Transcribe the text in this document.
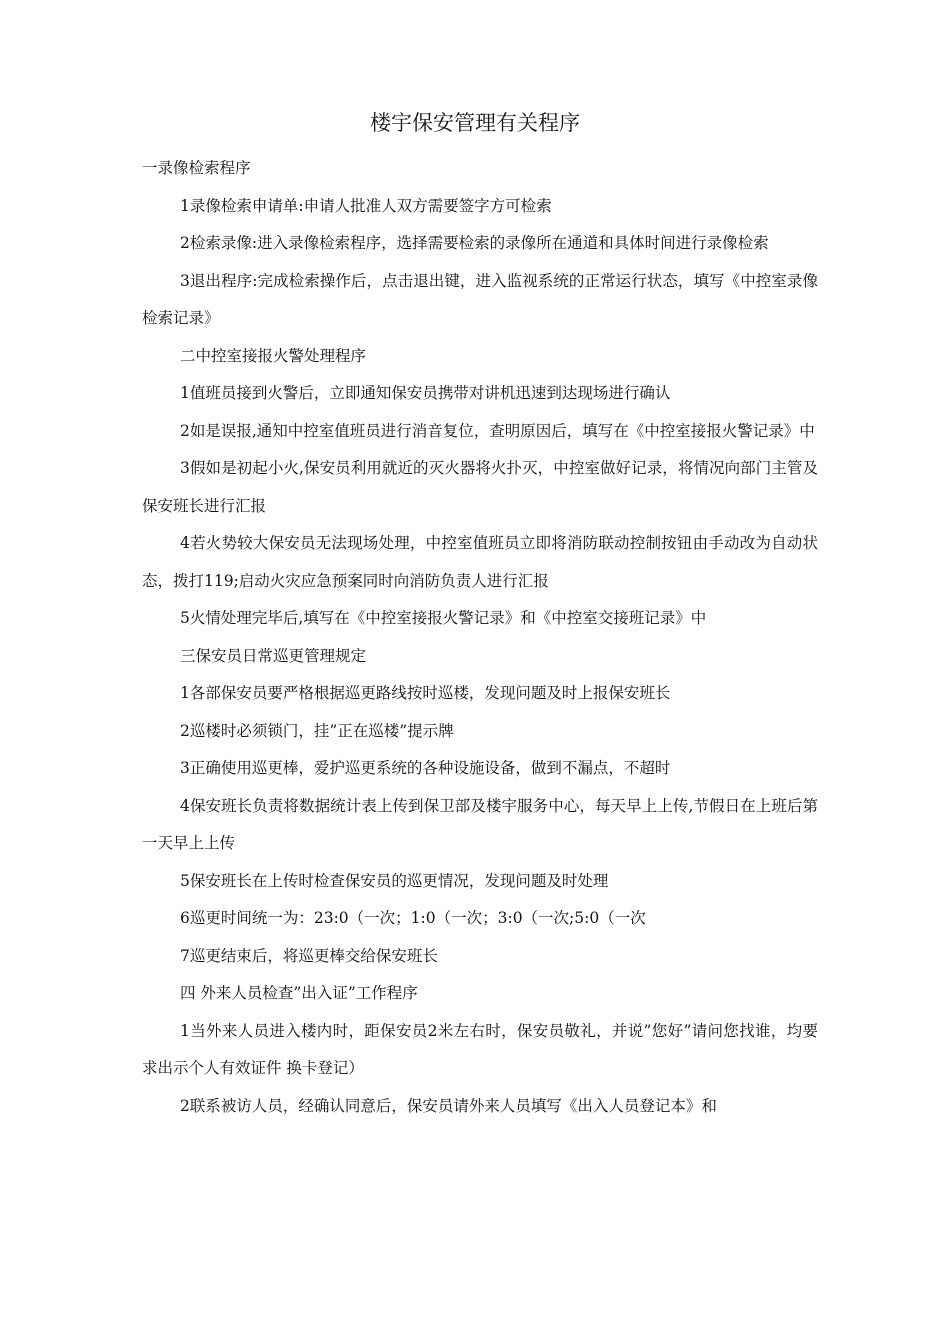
楼宇保安管理有关程序

一录像检索程序

1录像检索申请单:申请人批准人双方需要签字方可检索

2检索录像:进入录像检索程序，选择需要检索的录像所在通道和具体时间进行录像检索

3退出程序:完成检索操作后，点击退出键，进入监视系统的正常运行状态，填写《中控室录像检索记录》

二中控室接报火警处理程序

1值班员接到火警后，立即通知保安员携带对讲机迅速到达现场进行确认

2如是误报,通知中控室值班员进行消音复位，查明原因后，填写在《中控室接报火警记录》中

3假如是初起小火,保安员利用就近的灭火器将火扑灭，中控室做好记录，将情况向部门主管及保安班长进行汇报

4若火势较大保安员无法现场处理，中控室值班员立即将消防联动控制按钮由手动改为自动状态，拨打119;启动火灾应急预案同时向消防负责人进行汇报

5火情处理完毕后,填写在《中控室接报火警记录》和《中控室交接班记录》中

三保安员日常巡更管理规定

1各部保安员要严格根据巡更路线按时巡楼，发现问题及时上报保安班长

2巡楼时必须锁门，挂”正在巡楼”提示牌

3正确使用巡更棒，爱护巡更系统的各种设施设备，做到不漏点，不超时

4保安班长负责将数据统计表上传到保卫部及楼宇服务中心，每天早上上传,节假日在上班后第一天早上上传

5保安班长在上传时检查保安员的巡更情况，发现问题及时处理

6巡更时间统一为：23:0（一次；1:0（一次；3:0（一次;5:0（一次

7巡更结束后，将巡更棒交给保安班长

四 外来人员检查”出入证”工作程序

1当外来人员进入楼内时，距保安员2米左右时，保安员敬礼，并说”您好”请问您找谁，均要求出示个人有效证件 换卡登记）

2联系被访人员，经确认同意后，保安员请外来人员填写《出入人员登记本》和
